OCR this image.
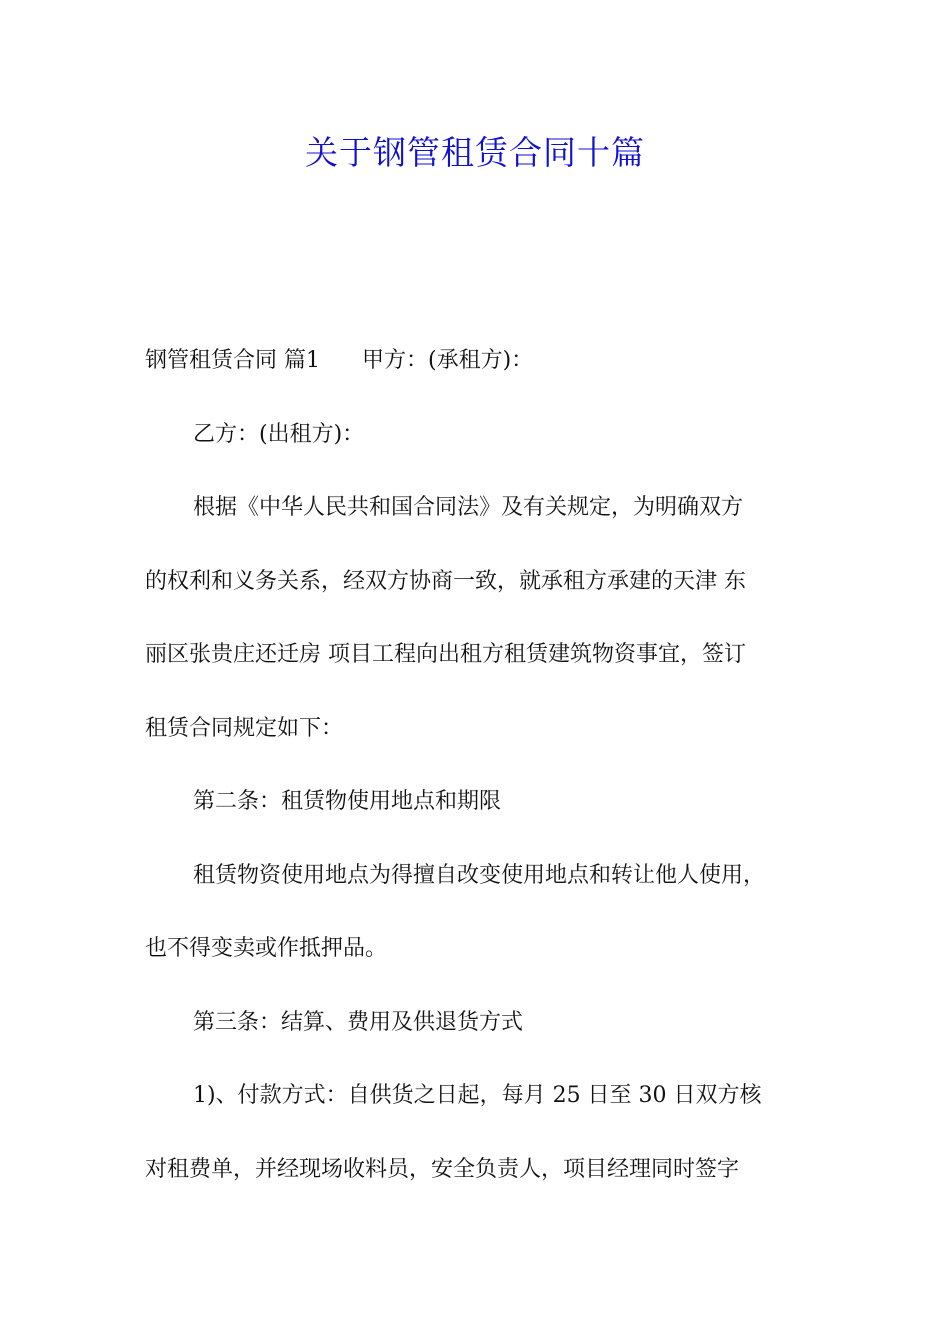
关于钢管租赁合同十篇
钢管租赁合同 篇1 甲方：(承租方)：
乙方：(出租方)：
根据《中华人民共和国合同法》及有关规定，为明确双方
的权利和义务关系，经双方协商一致，就承租方承建的天津 东
丽区张贵庄还迁房 项目工程向出租方租赁建筑物资事宜，签订
租赁合同规定如下：
第二条：租赁物使用地点和期限
租赁物资使用地点为得擅自改变使用地点和转让他人使用，
也不得变卖或作抵押品。
第三条：结算、费用及供退货方式
1)、付款方式：自供货之日起，每月 25 日至 30 日双方核
对租费单，并经现场收料员，安全负责人，项目经理同时签字
